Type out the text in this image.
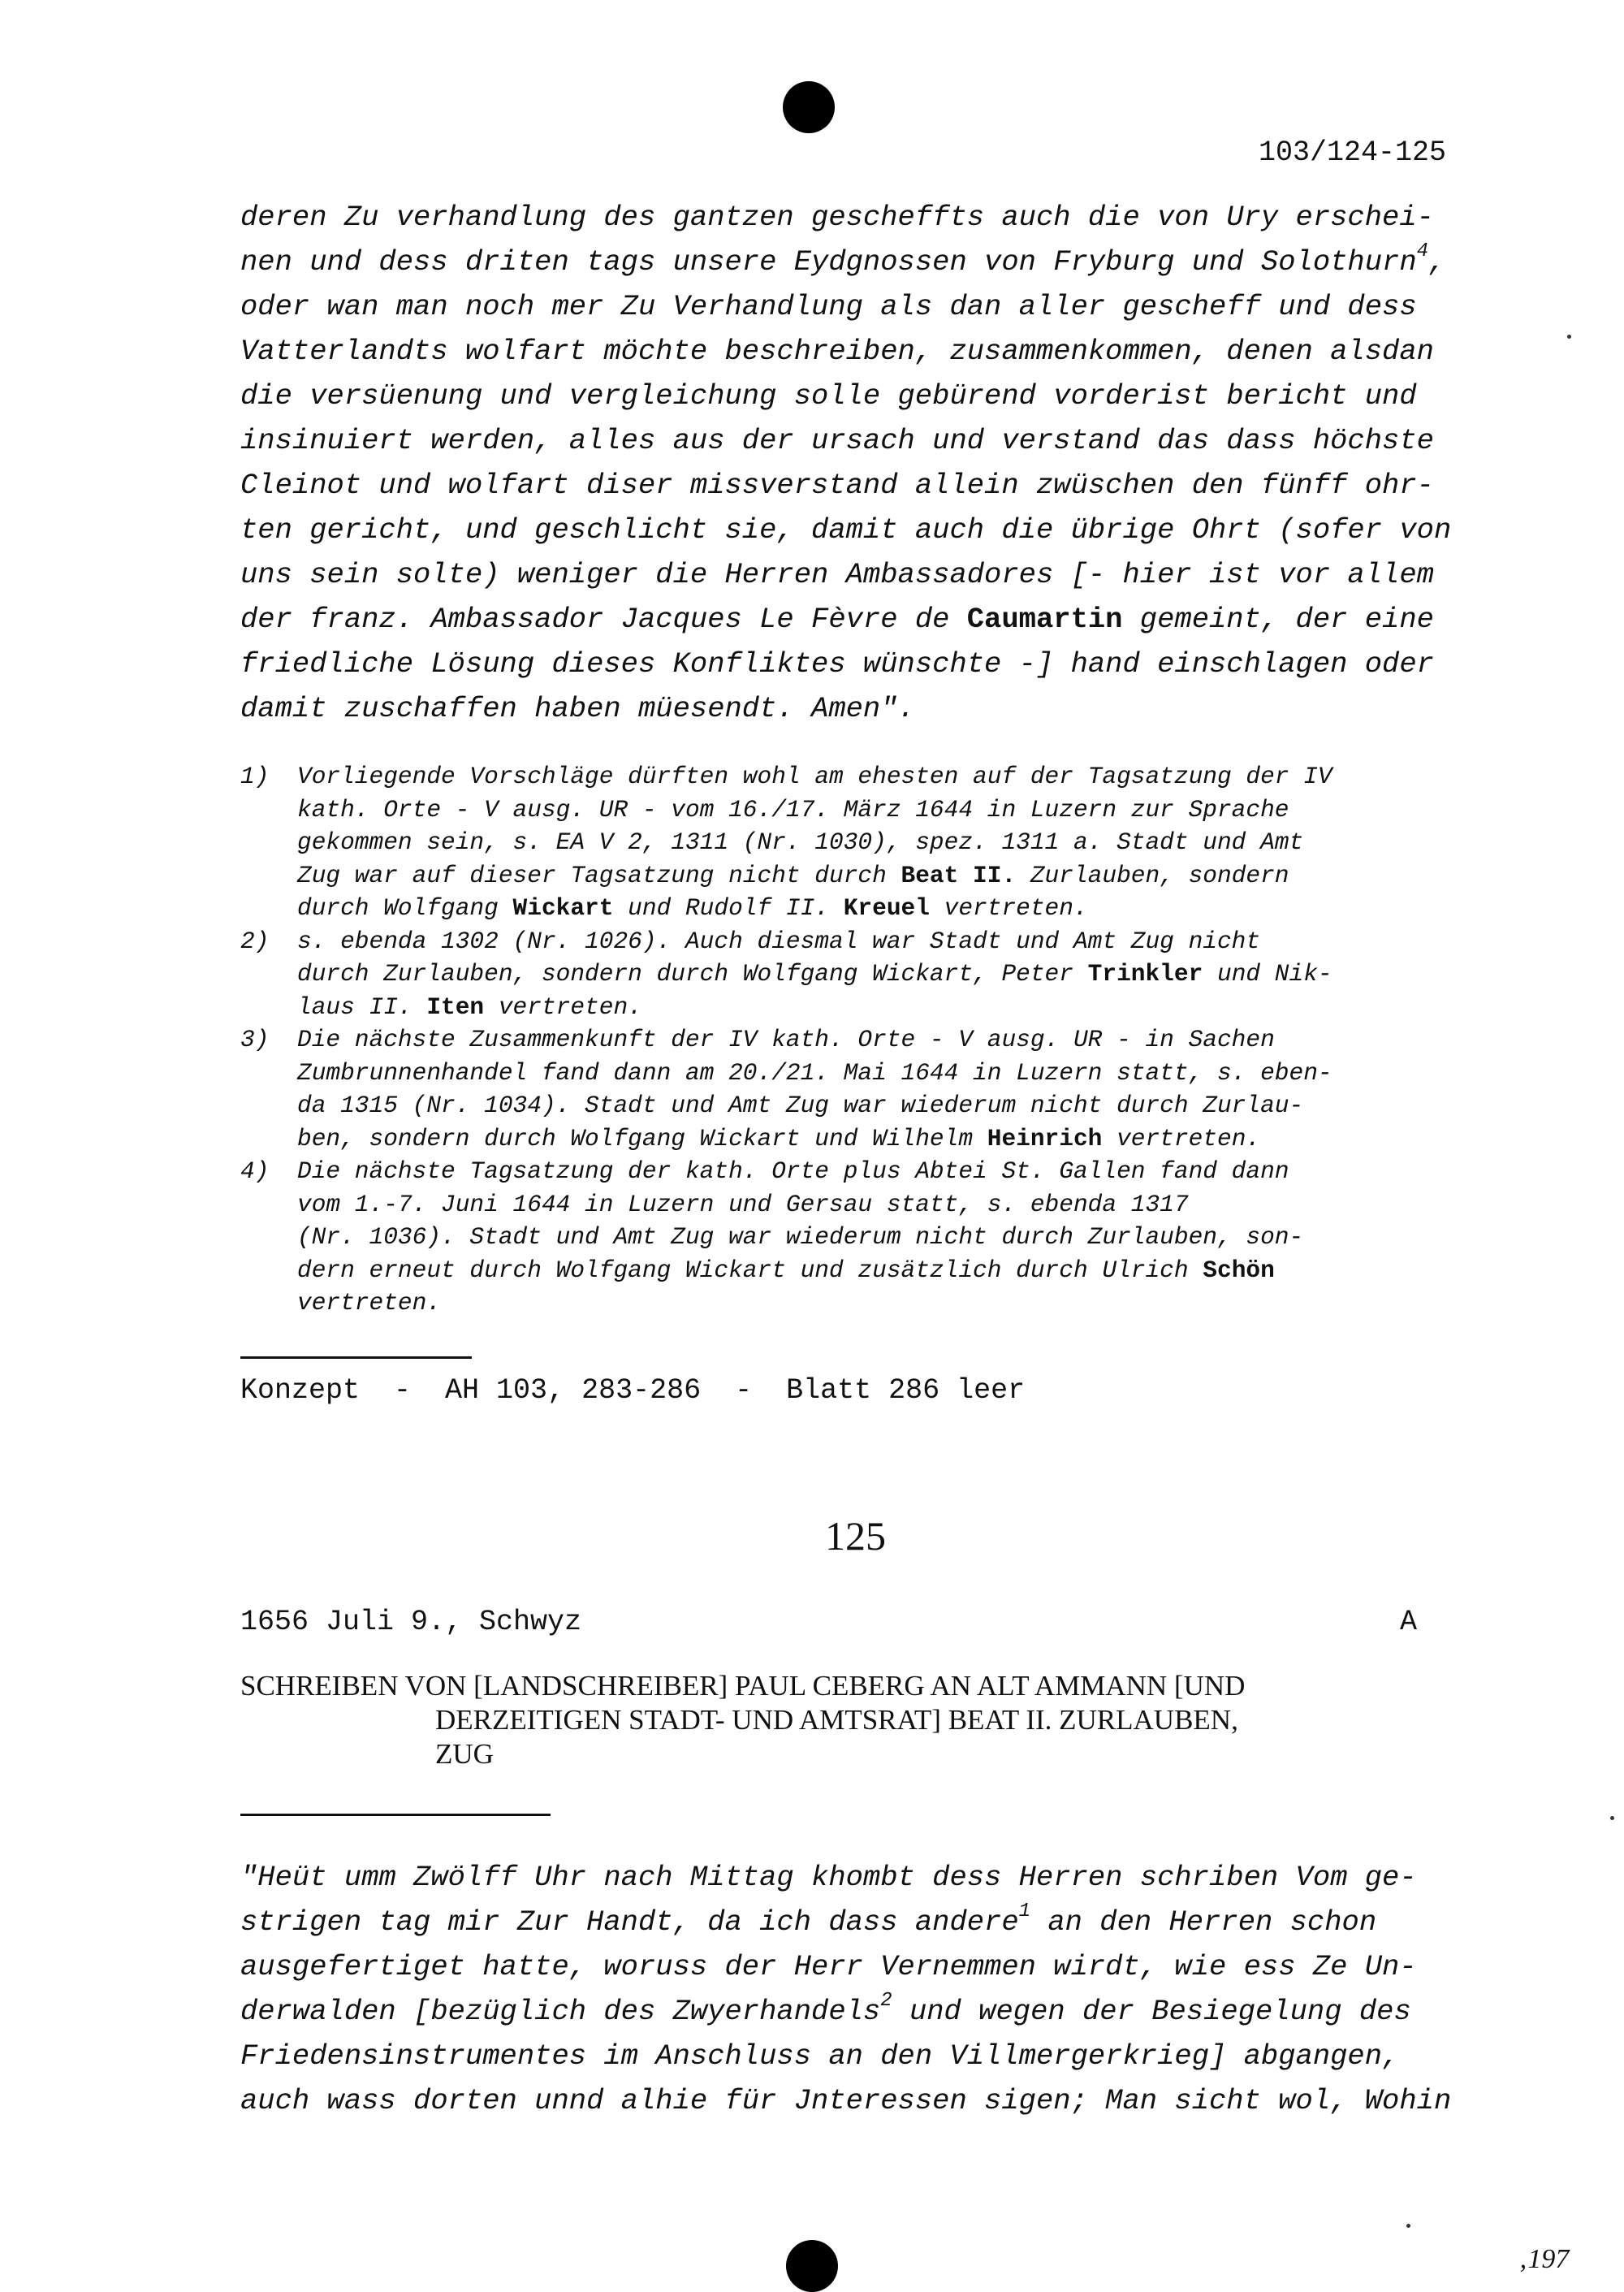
103/124-125

deren Zu verhandlung des gantzen gescheffts auch die von Ury erschei-

nen und dess driten tags unsere Eydgnossen von Fryburg und Solothurn$^4$,

oder wan man noch mer Zu Verhandlung als dan aller gescheff und dess

Vatterlandts wolfart möchte beschreiben, zusammenkommen, denen alsdan

die versüenung und vergleichung solle gebürend vorderist bericht und

insinuiert werden, alles aus der ursach und verstand das dass höchste

Cleinot und wolfart diser missverstand allein zwüschen den fünff ohr-

ten gericht, und geschlicht sie, damit auch die übrige Ohrt (sofer von

uns sein solte) weniger die Herren Ambassadores [- hier ist vor allem

der franz. Ambassador Jacques Le Fèvre de Caumartin gemeint, der eine

friedliche Lösung dieses Konfliktes wünschte -] hand einschlagen oder

damit zuschaffen haben müesendt. Amen".

1) Vorliegende Vorschläge dürften wohl am ehesten auf der Tagsatzung der IV
kath. Orte - V ausg. UR - vom 16./17. März 1644 in Luzern zur Sprache
gekommen sein, s. EA V 2, 1311 (Nr. 1030), spez. 1311 a. Stadt und Amt
Zug war auf dieser Tagsatzung nicht durch Beat II. Zurlauben, sondern
durch Wolfgang Wickart und Rudolf II. Kreuel vertreten.
2) s. ebenda 1302 (Nr. 1026). Auch diesmal war Stadt und Amt Zug nicht
durch Zurlauben, sondern durch Wolfgang Wickart, Peter Trinkler und Nik-
laus II. Iten vertreten.
3) Die nächste Zusammenkunft der IV kath. Orte - V ausg. UR - in Sachen
Zumbrunnenhandel fand dann am 20./21. Mai 1644 in Luzern statt, s. eben-
da 1315 (Nr. 1034). Stadt und Amt Zug war wiederum nicht durch Zurlau-
ben, sondern durch Wolfgang Wickart und Wilhelm Heinrich vertreten.
4) Die nächste Tagsatzung der kath. Orte plus Abtei St. Gallen fand dann
vom 1.-7. Juni 1644 in Luzern und Gersau statt, s. ebenda 1317
(Nr. 1036). Stadt und Amt Zug war wiederum nicht durch Zurlauben, son-
dern erneut durch Wolfgang Wickart und zusätzlich durch Ulrich Schön
vertreten.
Konzept  -  AH 103, 283-286  -  Blatt 286 leer
125
1656 Juli 9., Schwyz	A
SCHREIBEN VON [LANDSCHREIBER] PAUL CEBERG AN ALT AMMANN [UND
DERZEITIGEN STADT- UND AMTSRAT] BEAT II. ZURLAUBEN,
ZUG

"Heüt umm Zwölff Uhr nach Mittag khombt dess Herren schriben Vom ge-

strigen tag mir Zur Handt, da ich dass andere$^1$ an den Herren schon

ausgefertiget hatte, woruss der Herr Vernemmen wirdt, wie ess Ze Un-

derwalden [bezüglich des Zwyerhandels$^2$ und wegen der Besiegelung des

Friedensinstrumentes im Anschluss an den Villmergerkrieg] abgangen,

auch wass dorten unnd alhie für Jnteressen sigen; Man sicht wol, Wohin

‚197
